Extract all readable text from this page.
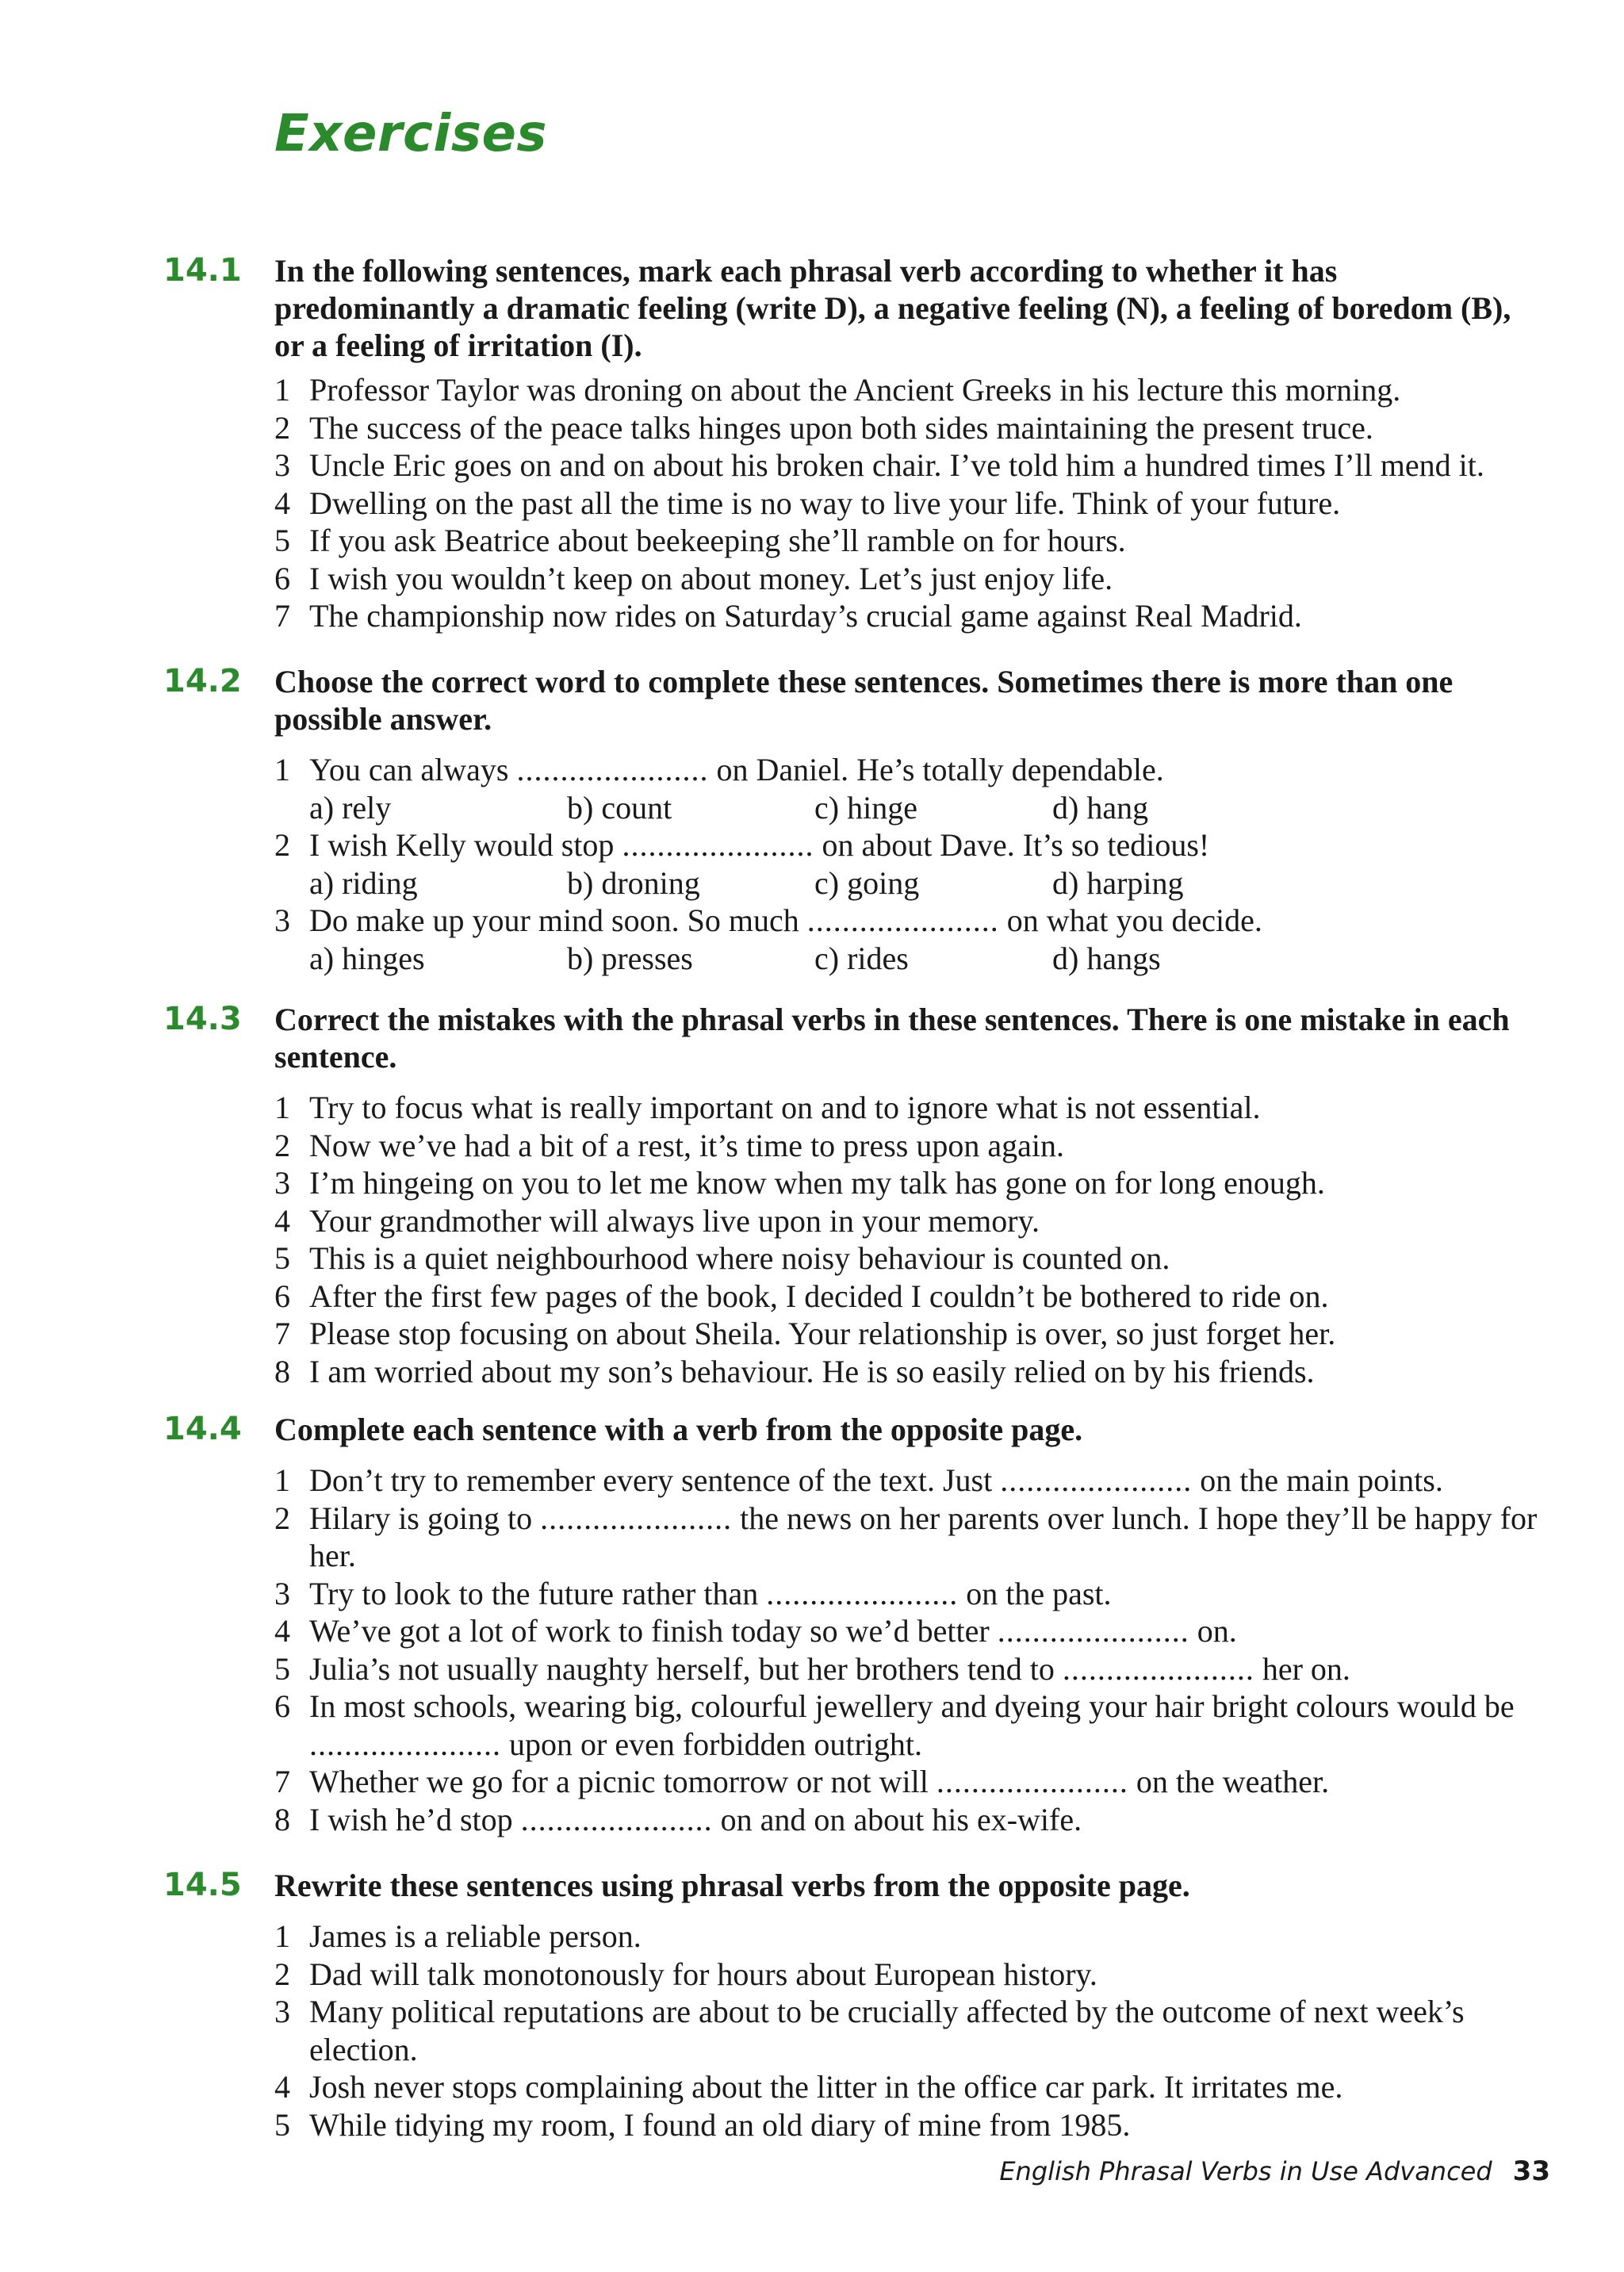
Exercises
14.1 In the following sentences, mark each phrasal verb according to whether it has predominantly a dramatic feeling (write D), a negative feeling (N), a feeling of boredom (B), or a feeling of irritation (I).

1 Professor Taylor was droning on about the Ancient Greeks in his lecture this morning.
2 The success of the peace talks hinges upon both sides maintaining the present truce.
3 Uncle Eric goes on and on about his broken chair. I’ve told him a hundred times I’ll mend it.
4 Dwelling on the past all the time is no way to live your life. Think of your future.
5 If you ask Beatrice about beekeeping she’ll ramble on for hours.
6 I wish you wouldn’t keep on about money. Let’s just enjoy life.
7 The championship now rides on Saturday’s crucial game against Real Madrid.
14.2 Choose the correct word to complete these sentences. Sometimes there is more than one possible answer.

1 You can always ...................... on Daniel. He’s totally dependable.
a) rely	b) count	c) hinge	d) hang
2 I wish Kelly would stop ...................... on about Dave. It’s so tedious!
a) riding	b) droning	c) going	d) harping
3 Do make up your mind soon. So much ...................... on what you decide.
a) hinges	b) presses	c) rides	d) hangs
14.3 Correct the mistakes with the phrasal verbs in these sentences. There is one mistake in each sentence.

1 Try to focus what is really important on and to ignore what is not essential.
2 Now we’ve had a bit of a rest, it’s time to press upon again.
3 I’m hingeing on you to let me know when my talk has gone on for long enough.
4 Your grandmother will always live upon in your memory.
5 This is a quiet neighbourhood where noisy behaviour is counted on.
6 After the first few pages of the book, I decided I couldn’t be bothered to ride on.
7 Please stop focusing on about Sheila. Your relationship is over, so just forget her.
8 I am worried about my son’s behaviour. He is so easily relied on by his friends.
14.4 Complete each sentence with a verb from the opposite page.

1 Don’t try to remember every sentence of the text. Just ...................... on the main points.
2 Hilary is going to ...................... the news on her parents over lunch. I hope they’ll be happy for her.
3 Try to look to the future rather than ...................... on the past.
4 We’ve got a lot of work to finish today so we’d better ...................... on.
5 Julia’s not usually naughty herself, but her brothers tend to ...................... her on.
6 In most schools, wearing big, colourful jewellery and dyeing your hair bright colours would be ...................... upon or even forbidden outright.
7 Whether we go for a picnic tomorrow or not will ...................... on the weather.
8 I wish he’d stop ...................... on and on about his ex-wife.
14.5 Rewrite these sentences using phrasal verbs from the opposite page.

1 James is a reliable person.
2 Dad will talk monotonously for hours about European history.
3 Many political reputations are about to be crucially affected by the outcome of next week’s election.
4 Josh never stops complaining about the litter in the office car park. It irritates me.
5 While tidying my room, I found an old diary of mine from 1985.
English Phrasal Verbs in Use Advanced 33
